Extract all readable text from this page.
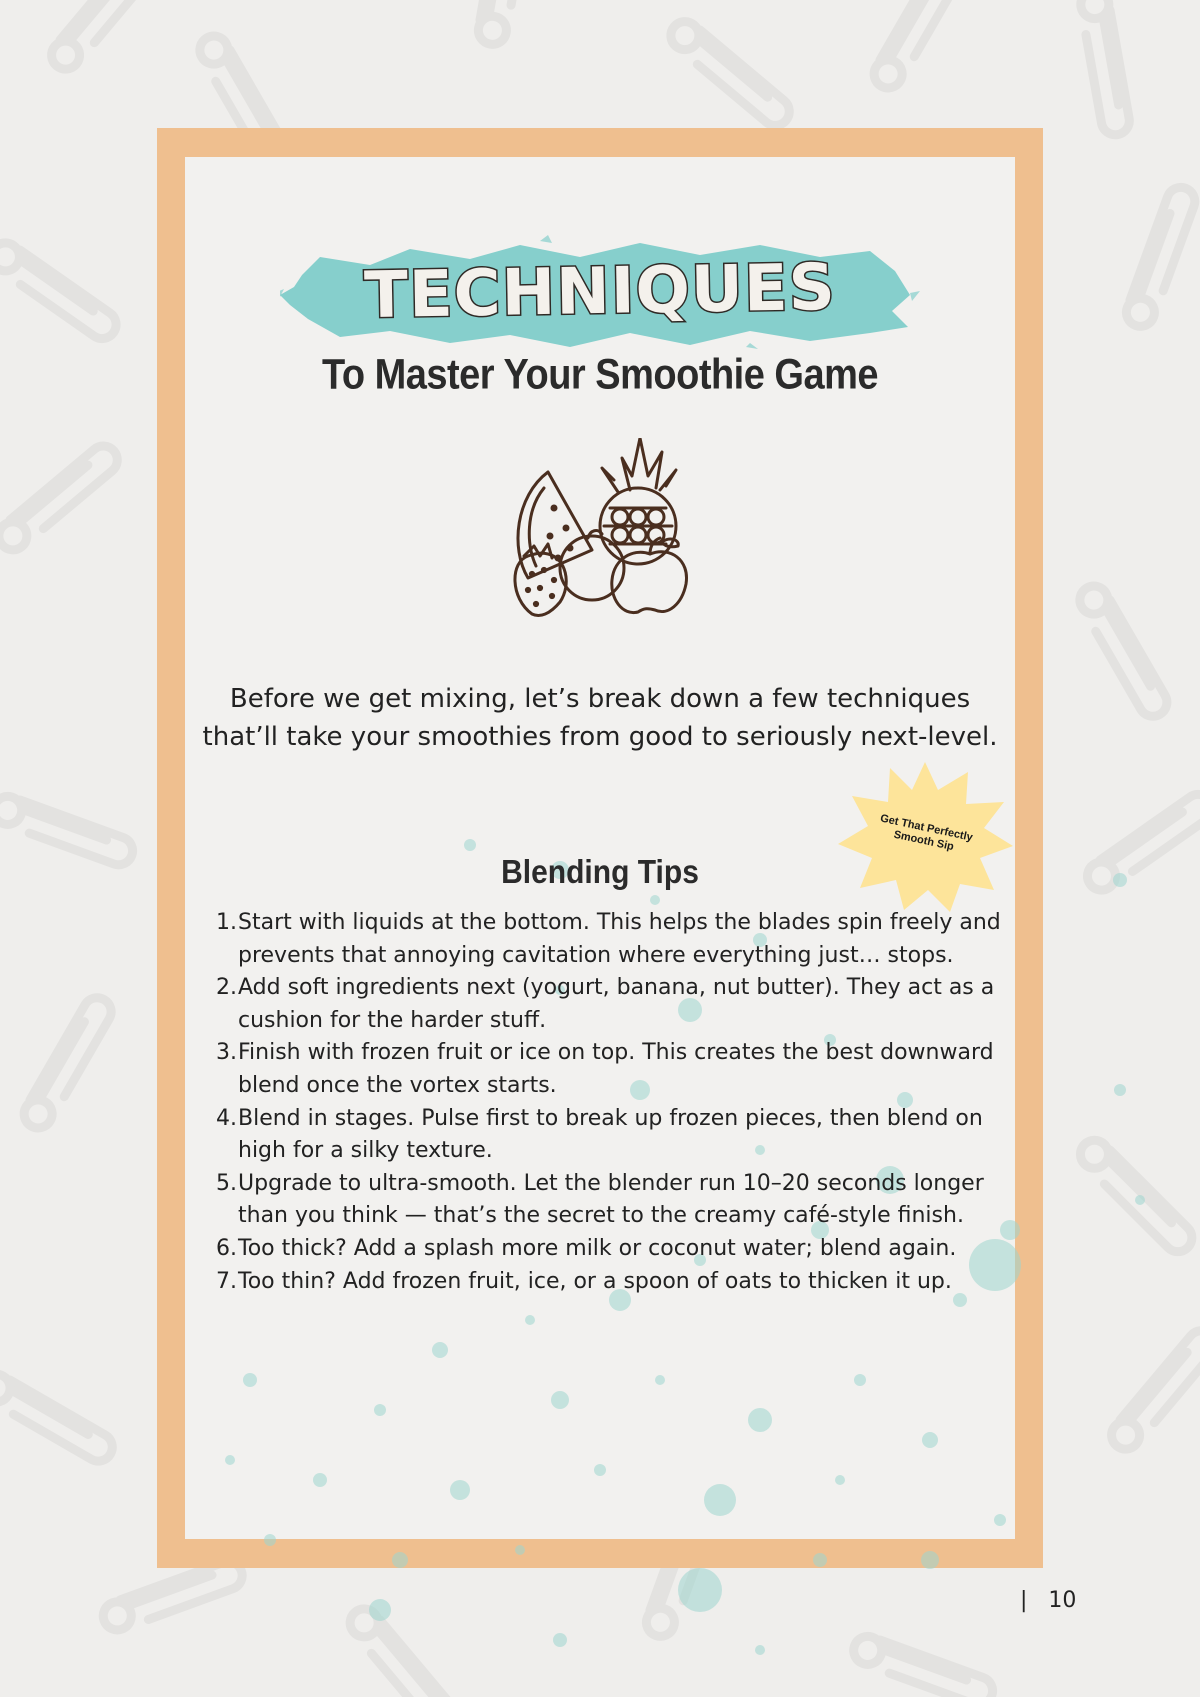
TECHNIQUES
To Master Your Smoothie Game
Before we get mixing, let’s break down a few techniques that’ll take your smoothies from good to seriously next-level.
Get That Perfectly Smooth Sip
Blending Tips
1. Start with liquids at the bottom. This helps the blades spin freely and prevents that annoying cavitation where everything just… stops.
2. Add soft ingredients next (yogurt, banana, nut butter). They act as a cushion for the harder stuff.
3. Finish with frozen fruit or ice on top. This creates the best downward blend once the vortex starts.
4. Blend in stages. Pulse first to break up frozen pieces, then blend on high for a silky texture.
5. Upgrade to ultra-smooth. Let the blender run 10–20 seconds longer than you think — that’s the secret to the creamy café-style finish.
6. Too thick? Add a splash more milk or coconut water; blend again.
7. Too thin? Add frozen fruit, ice, or a spoon of oats to thicken it up.
| 10
